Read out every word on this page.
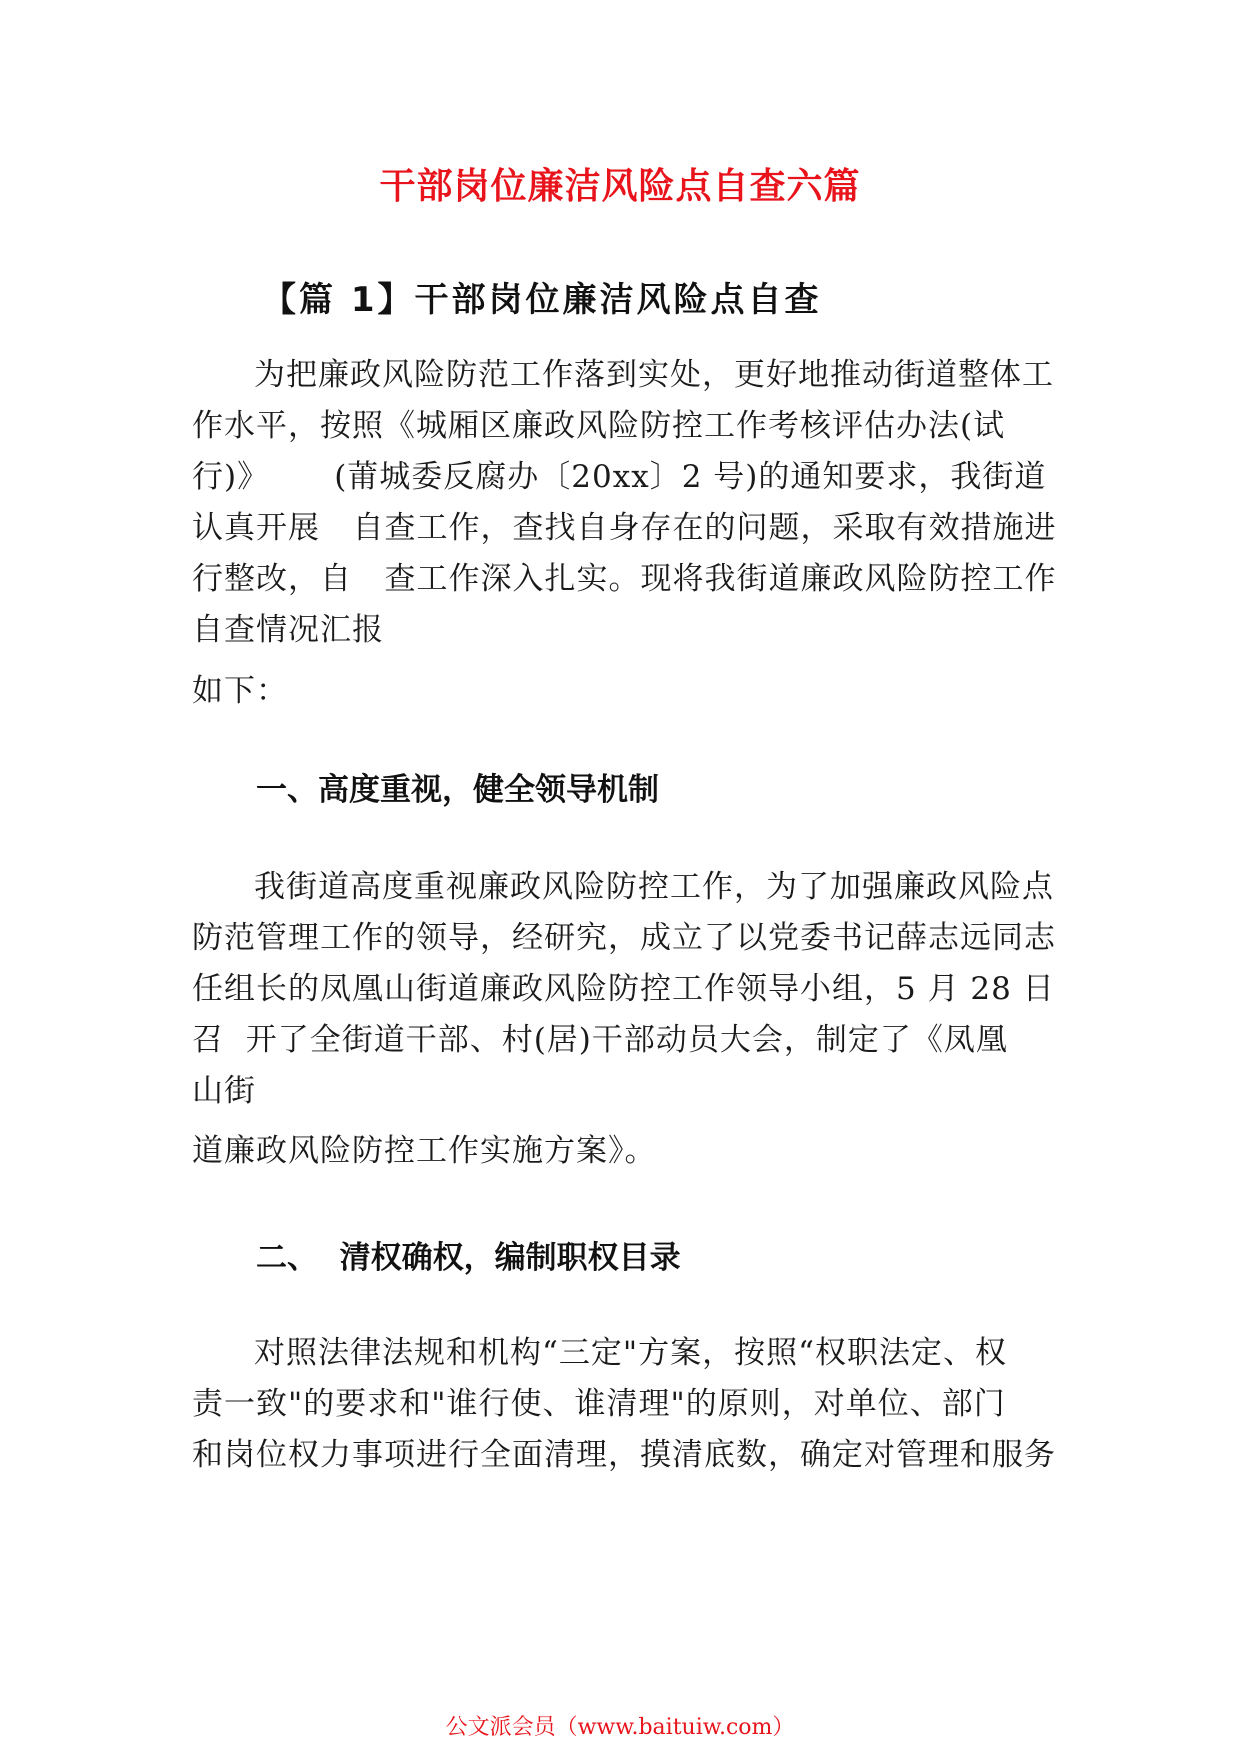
干部岗位廉洁风险点自查六篇
【篇 1】干部岗位廉洁风险点自查
为把廉政风险防范工作落到实处，更好地推动街道整体工
作水平，按照《城厢区廉政风险防控工作考核评估办法(试
行)》      (莆城委反腐办〔20xx〕2 号)的通知要求，我街道
认真开展   自查工作，查找自身存在的问题，采取有效措施进
行整改，自   查工作深入扎实。现将我街道廉政风险防控工作
自查情况汇报
如下：
一、高度重视，健全领导机制
我街道高度重视廉政风险防控工作，为了加强廉政风险点
防范管理工作的领导，经研究，成立了以党委书记薛志远同志
任组长的凤凰山街道廉政风险防控工作领导小组，5 月 28 日
召  开了全街道干部、村(居)干部动员大会，制定了《凤凰
山街
道廉政风险防控工作实施方案》。
二、  清权确权，编制职权目录
对照法律法规和机构“三定"方案，按照“权职法定、权
责一致"的要求和"谁行使、谁清理"的原则，对单位、部门
和岗位权力事项进行全面清理，摸清底数，确定对管理和服务
公文派会员（www.baituiw.com）
